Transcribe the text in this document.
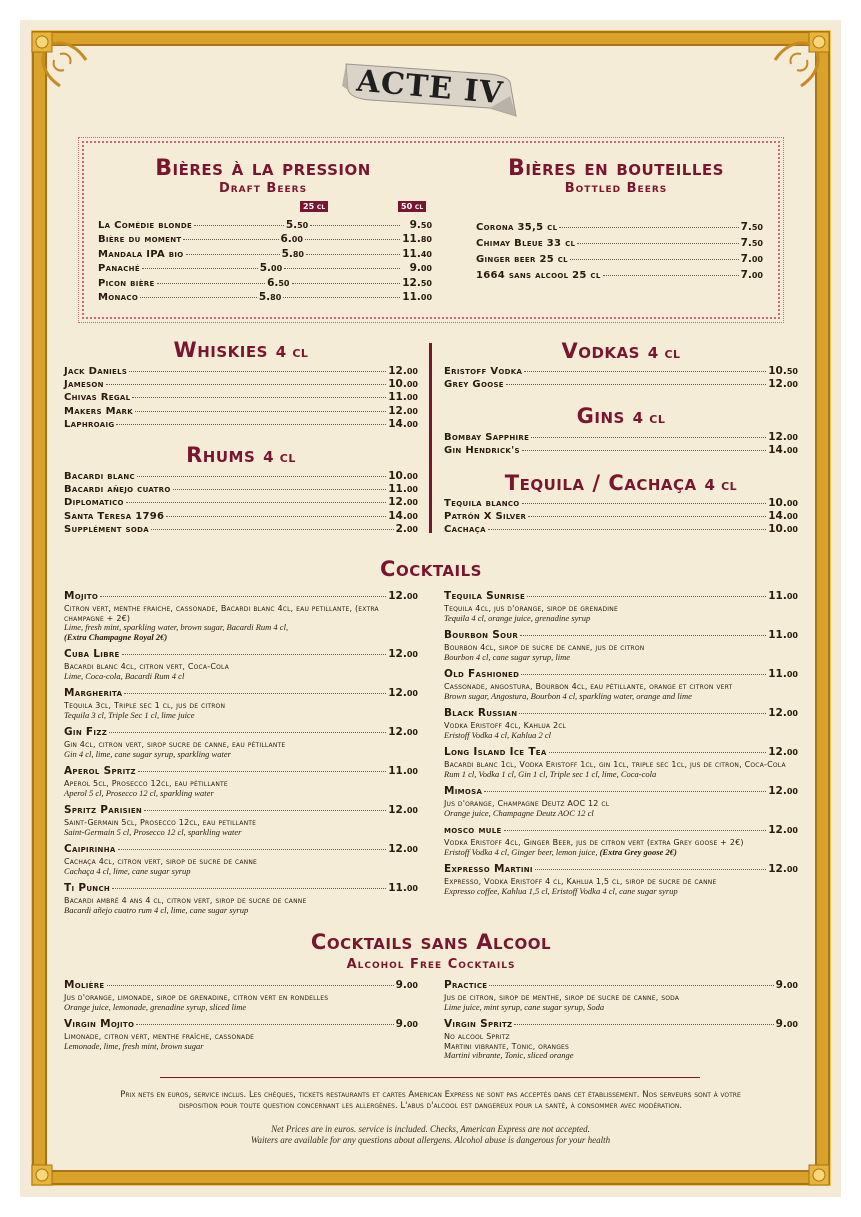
ACTE IV
Bières à la pression
Draft Beers
25 cl	50 cl
La Comédie blonde	5.50	9.50
Bière du moment	6.00	11.80
Mandala IPA bio	5.80	11.40
Panaché	5.00	9.00
Picon bière	6.50	12.50
Monaco	5.80	11.00
Bières en bouteilles
Bottled Beers
Corona 35,5 cl	7.50
Chimay Bleue 33 cl	7.50
Ginger beer 25 cl	7.00
1664 sans alcool 25 cl	7.00
Whiskies 4 cl
Jack Daniels	12.00
Jameson	10.00
Chivas Regal	11.00
Makers Mark	12.00
Laphroaig	14.00
Rhums 4 cl
Bacardi blanc	10.00
Bacardi añejo cuatro	11.00
Diplomatico	12.00
Santa Teresa 1796	14.00
Supplément soda	2.00
Vodkas 4 cl
Eristoff Vodka	10.50
Grey Goose	12.00
Gins 4 cl
Bombay Sapphire	12.00
Gin Hendrick's	14.00
Tequila / Cachaça 4 cl
Tequila blanco	10.00
Patrón X Silver	14.00
Cachaça	10.00
Cocktails
Mojito	12.00
Citron vert, menthe fraiche, cassonade, Bacardi blanc 4cl, eau petillante, (extra champagne + 2€)
Lime, fresh mint, sparkling water, brown sugar, Bacardi Rum 4 cl,
(Extra Champagne Royal 2€)
Cuba Libre	12.00
Bacardi blanc 4cl, citron vert, Coca-Cola
Lime, Coca-cola, Bacardi Rum 4 cl
Margherita	12.00
Tequila 3cl, Triple sec 1 cl, jus de citron
Tequila 3 cl, Triple Sec 1 cl, lime juice
Gin Fizz	12.00
Gin 4cl, citron vert, sirop sucre de canne, eau pétillante
Gin 4 cl, lime, cane sugar syrup, sparkling water
Aperol Spritz	11.00
Aperol 5cl, Prosecco 12cl, eau pétillante
Aperol 5 cl, Prosecco 12 cl, sparkling water
Spritz Parisien	12.00
Saint-Germain 5cl, Prosecco 12cl, eau petillante
Saint-Germain 5 cl, Prosecco 12 cl, sparkling water
Caipirinha	12.00
Cachaça 4cl, citron vert, sirop de sucre de canne
Cachaça 4 cl, lime, cane sugar syrup
Ti Punch	11.00
Bacardi ambré 4 ans 4 cl, citron vert, sirop de sucre de canne
Bacardi añejo cuatro rum 4 cl, lime, cane sugar syrup
Tequila Sunrise	11.00
Tequila 4cl, jus d'orange, sirop de grenadine
Tequila 4 cl, orange juice, grenadine syrup
Bourbon Sour	11.00
Bourbon 4cl, sirop de sucre de canne, jus de citron
Bourbon 4 cl, cane sugar syrup, lime
Old Fashioned	11.00
Cassonade, angostura, Bourbon 4cl, eau pétillante, orange et citron vert
Brown sugar, Angostura, Bourbon 4 cl, sparkling water, orange and lime
Black Russian	12.00
Vodka Eristoff 4cl, Kahlua 2cl
Eristoff Vodka 4 cl, Kahlua 2 cl
Long Island Ice Tea	12.00
Bacardi blanc 1cl, Vodka Eristoff 1cl, gin 1cl, triple sec 1cl, jus de citron, Coca-Cola
Rum 1 cl, Vodka 1 cl, Gin 1 cl, Triple sec 1 cl, lime, Coca-cola
Mimosa	12.00
Jus d'orange, Champagne Deutz AOC 12 cl
Orange juice, Champagne Deutz AOC 12 cl
mosco mule	12.00
Vodka Eristoff 4cl, Ginger Beer, jus de citron vert (extra Grey goose + 2€)
Eristoff Vodka 4 cl, Ginger beer, lemon juice, (Extra Grey goose 2€)
Expresso Martini	12.00
Expresso, Vodka Eristoff 4 cl, Kahlua 1,5 cl, sirop de sucre de canne
Expresso coffee, Kahlua 1,5 cl, Eristoff Vodka 4 cl, cane sugar syrup
Cocktails sans Alcool
Alcohol Free Cocktails
Molière	9.00
Jus d'orange, limonade, sirop de grenadine, citron vert en rondelles
Orange juice, lemonade, grenadine syrup, sliced lime
Virgin Mojito	9.00
Limonade, citron vert, menthe fraîche, cassonade
Lemonade, lime, fresh mint, brown sugar
Practice	9.00
Jus de citron, sirop de menthe, sirop de sucre de canne, soda
Lime juice, mint syrup, cane sugar syrup, Soda
Virgin Spritz	9.00
No alcool Spritz
Martini vibrante, Tonic, oranges
Martini vibrante, Tonic, sliced orange
Prix nets en euros, service inclus. Les chèques, tickets restaurants et cartes American Express ne sont pas acceptés dans cet établissement. Nos serveurs sont à votre disposition pour toute question concernant les allergènes. L'abus d'alcool est dangereux pour la santé, à consommer avec modération.
Net Prices are in euros. service is included. Checks, American Express are not accepted.
Waiters are available for any questions about allergens. Alcohol abuse is dangerous for your health
